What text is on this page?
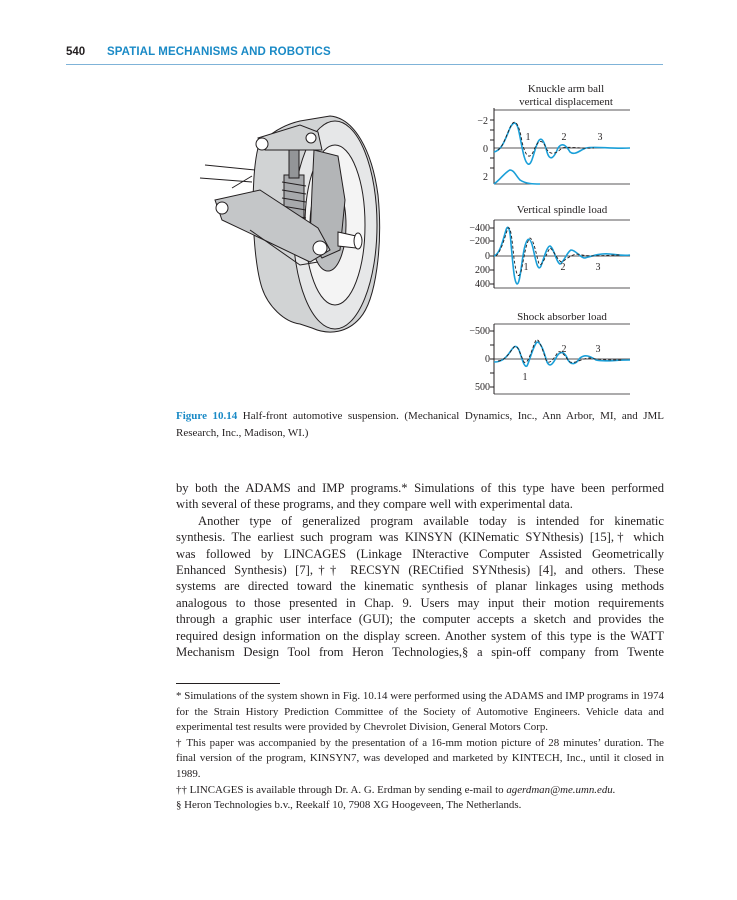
540 SPATIAL MECHANISMS AND ROBOTICS
Knuckle arm ball
vertical displacement
−2
0
2
1	2	3
Vertical spindle load
−400
−200
0
200
400
1	2	3
Shock absorber load
−500
0
500
1
2	3
Figure 10.14 Half-front automotive suspension. (Mechanical Dynamics, Inc., Ann Arbor, MI, and JML Research, Inc., Madison, WI.)

by both the ADAMS and IMP programs.* Simulations of this type have been performed

with several of these programs, and they compare well with experimental data.

Another type of generalized program available today is intended for kinematic

synthesis. The earliest such program was KINSYN (KINematic SYNthesis) [15],† which

was followed by LINCAGES (Linkage INteractive Computer Assisted Geometrically

Enhanced Synthesis) [7],†† RECSYN (RECtified SYNthesis) [4], and others. These

systems are directed toward the kinematic synthesis of planar linkages using methods

analogous to those presented in Chap. 9. Users may input their motion requirements

through a graphic user interface (GUI); the computer accepts a sketch and provides the

required design information on the display screen. Another system of this type is the WATT

Mechanism Design Tool from Heron Technologies,§ a spin-off company from Twente

* Simulations of the system shown in Fig. 10.14 were performed using the ADAMS and IMP programs in 1974 for the Strain History Prediction Committee of the Society of Automotive Engineers. Vehicle data and experimental test results were provided by Chevrolet Division, General Motors Corp.

† This paper was accompanied by the presentation of a 16-mm motion picture of 28 minutes’ duration. The final version of the program, KINSYN7, was developed and marketed by KINTECH, Inc., until it closed in 1989.

†† LINCAGES is available through Dr. A. G. Erdman by sending e-mail to agerdman@me.umn.edu.

§ Heron Technologies b.v., Reekalf 10, 7908 XG Hoogeveen, The Netherlands.
